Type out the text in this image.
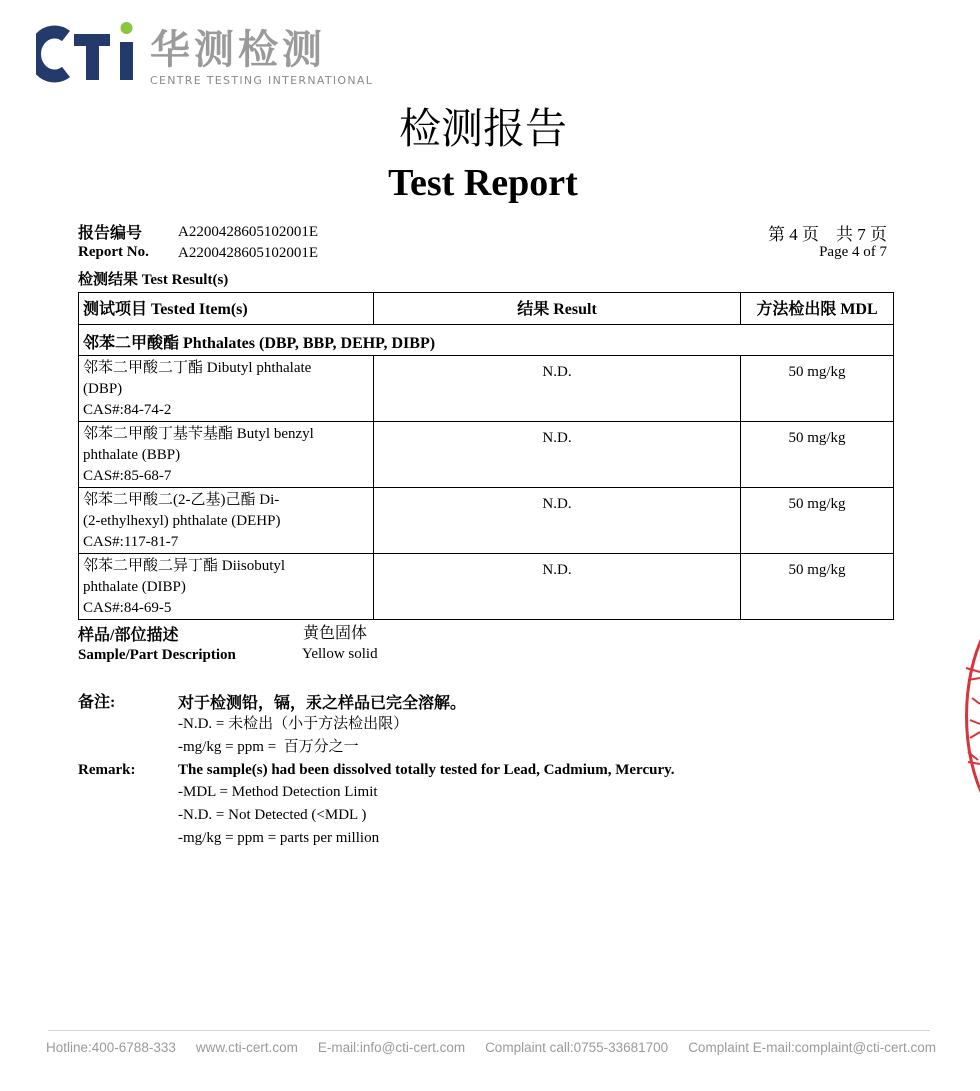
华测检测
CENTRE TESTING INTERNATIONAL
检测报告
Test Report
报告编号 A2200428605102001E
Report No. A2200428605102001E
第 4 页    共 7 页
Page 4 of 7
检测结果 Test Result(s)
测试项目 Tested Item(s)	结果 Result	方法检出限 MDL
邻苯二甲酸酯 Phthalates (DBP, BBP, DEHP, DIBP)		

邻苯二甲酸二丁酯 Dibutyl phthalate
(DBP)
CAS#:84-74-2	N.D.	50 mg/kg

邻苯二甲酸丁基苄基酯 Butyl benzyl
phthalate (BBP)
CAS#:85-68-7	N.D.	50 mg/kg

邻苯二甲酸二(2-乙基)己酯 Di-
(2-ethylhexyl) phthalate (DEHP)
CAS#:117-81-7	N.D.	50 mg/kg

邻苯二甲酸二异丁酯 Diisobutyl
phthalate (DIBP)
CAS#:84-69-5	N.D.	50 mg/kg
样品/部位描述	黄色固体
Sample/Part Description	Yellow solid
备注:	对于检测铅，镉，汞之样品已完全溶解。
-N.D. = 未检出（小于方法检出限）
-mg/kg = ppm =  百万分之一
Remark:	The sample(s) had been dissolved totally tested for Lead, Cadmium, Mercury.
-MDL = Method Detection Limit
-N.D. = Not Detected (<MDL )
-mg/kg = ppm = parts per million
Hotline:400-6788-333 www.cti-cert.com E-mail:info@cti-cert.com Complaint call:0755-33681700 Complaint E-mail:complaint@cti-cert.com
